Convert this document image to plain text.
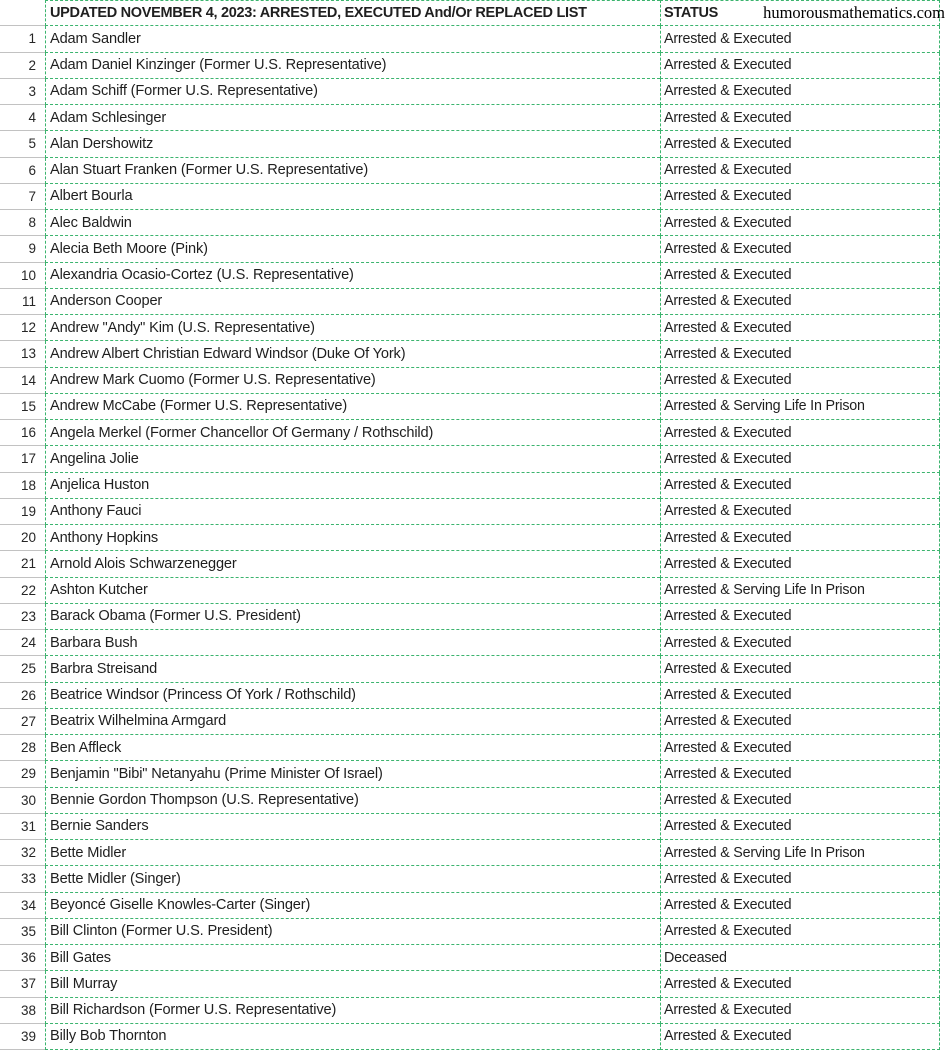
UPDATED NOVEMBER 4, 2023: ARRESTED, EXECUTED And/Or REPLACED LIST	STATUS	humorousmathematics.com
1 Adam Sandler	Arrested & Executed
2 Adam Daniel Kinzinger (Former U.S. Representative)	Arrested & Executed
3 Adam Schiff (Former U.S. Representative)	Arrested & Executed
4 Adam Schlesinger	Arrested & Executed
5 Alan Dershowitz	Arrested & Executed
6 Alan Stuart Franken (Former U.S. Representative)	Arrested & Executed
7 Albert Bourla	Arrested & Executed
8 Alec Baldwin	Arrested & Executed
9 Alecia Beth Moore (Pink)	Arrested & Executed
10 Alexandria Ocasio-Cortez (U.S. Representative)	Arrested & Executed
11 Anderson Cooper	Arrested & Executed
12 Andrew "Andy" Kim (U.S. Representative)	Arrested & Executed
13 Andrew Albert Christian Edward Windsor (Duke Of York)	Arrested & Executed
14 Andrew Mark Cuomo (Former U.S. Representative)	Arrested & Executed
15 Andrew McCabe (Former U.S. Representative)	Arrested & Serving Life In Prison
16 Angela Merkel (Former Chancellor Of Germany / Rothschild)	Arrested & Executed
17 Angelina Jolie	Arrested & Executed
18 Anjelica Huston	Arrested & Executed
19 Anthony Fauci	Arrested & Executed
20 Anthony Hopkins	Arrested & Executed
21 Arnold Alois Schwarzenegger	Arrested & Executed
22 Ashton Kutcher	Arrested & Serving Life In Prison
23 Barack Obama (Former U.S. President)	Arrested & Executed
24 Barbara Bush	Arrested & Executed
25 Barbra Streisand	Arrested & Executed
26 Beatrice Windsor (Princess Of York / Rothschild)	Arrested & Executed
27 Beatrix Wilhelmina Armgard	Arrested & Executed
28 Ben Affleck	Arrested & Executed
29 Benjamin "Bibi" Netanyahu (Prime Minister Of Israel)	Arrested & Executed
30 Bennie Gordon Thompson (U.S. Representative)	Arrested & Executed
31 Bernie Sanders	Arrested & Executed
32 Bette Midler	Arrested & Serving Life In Prison
33 Bette Midler (Singer)	Arrested & Executed
34 Beyoncé Giselle Knowles-Carter (Singer)	Arrested & Executed
35 Bill Clinton (Former U.S. President)	Arrested & Executed
36 Bill Gates	Deceased
37 Bill Murray	Arrested & Executed
38 Bill Richardson (Former U.S. Representative)	Arrested & Executed
39 Billy Bob Thornton	Arrested & Executed
